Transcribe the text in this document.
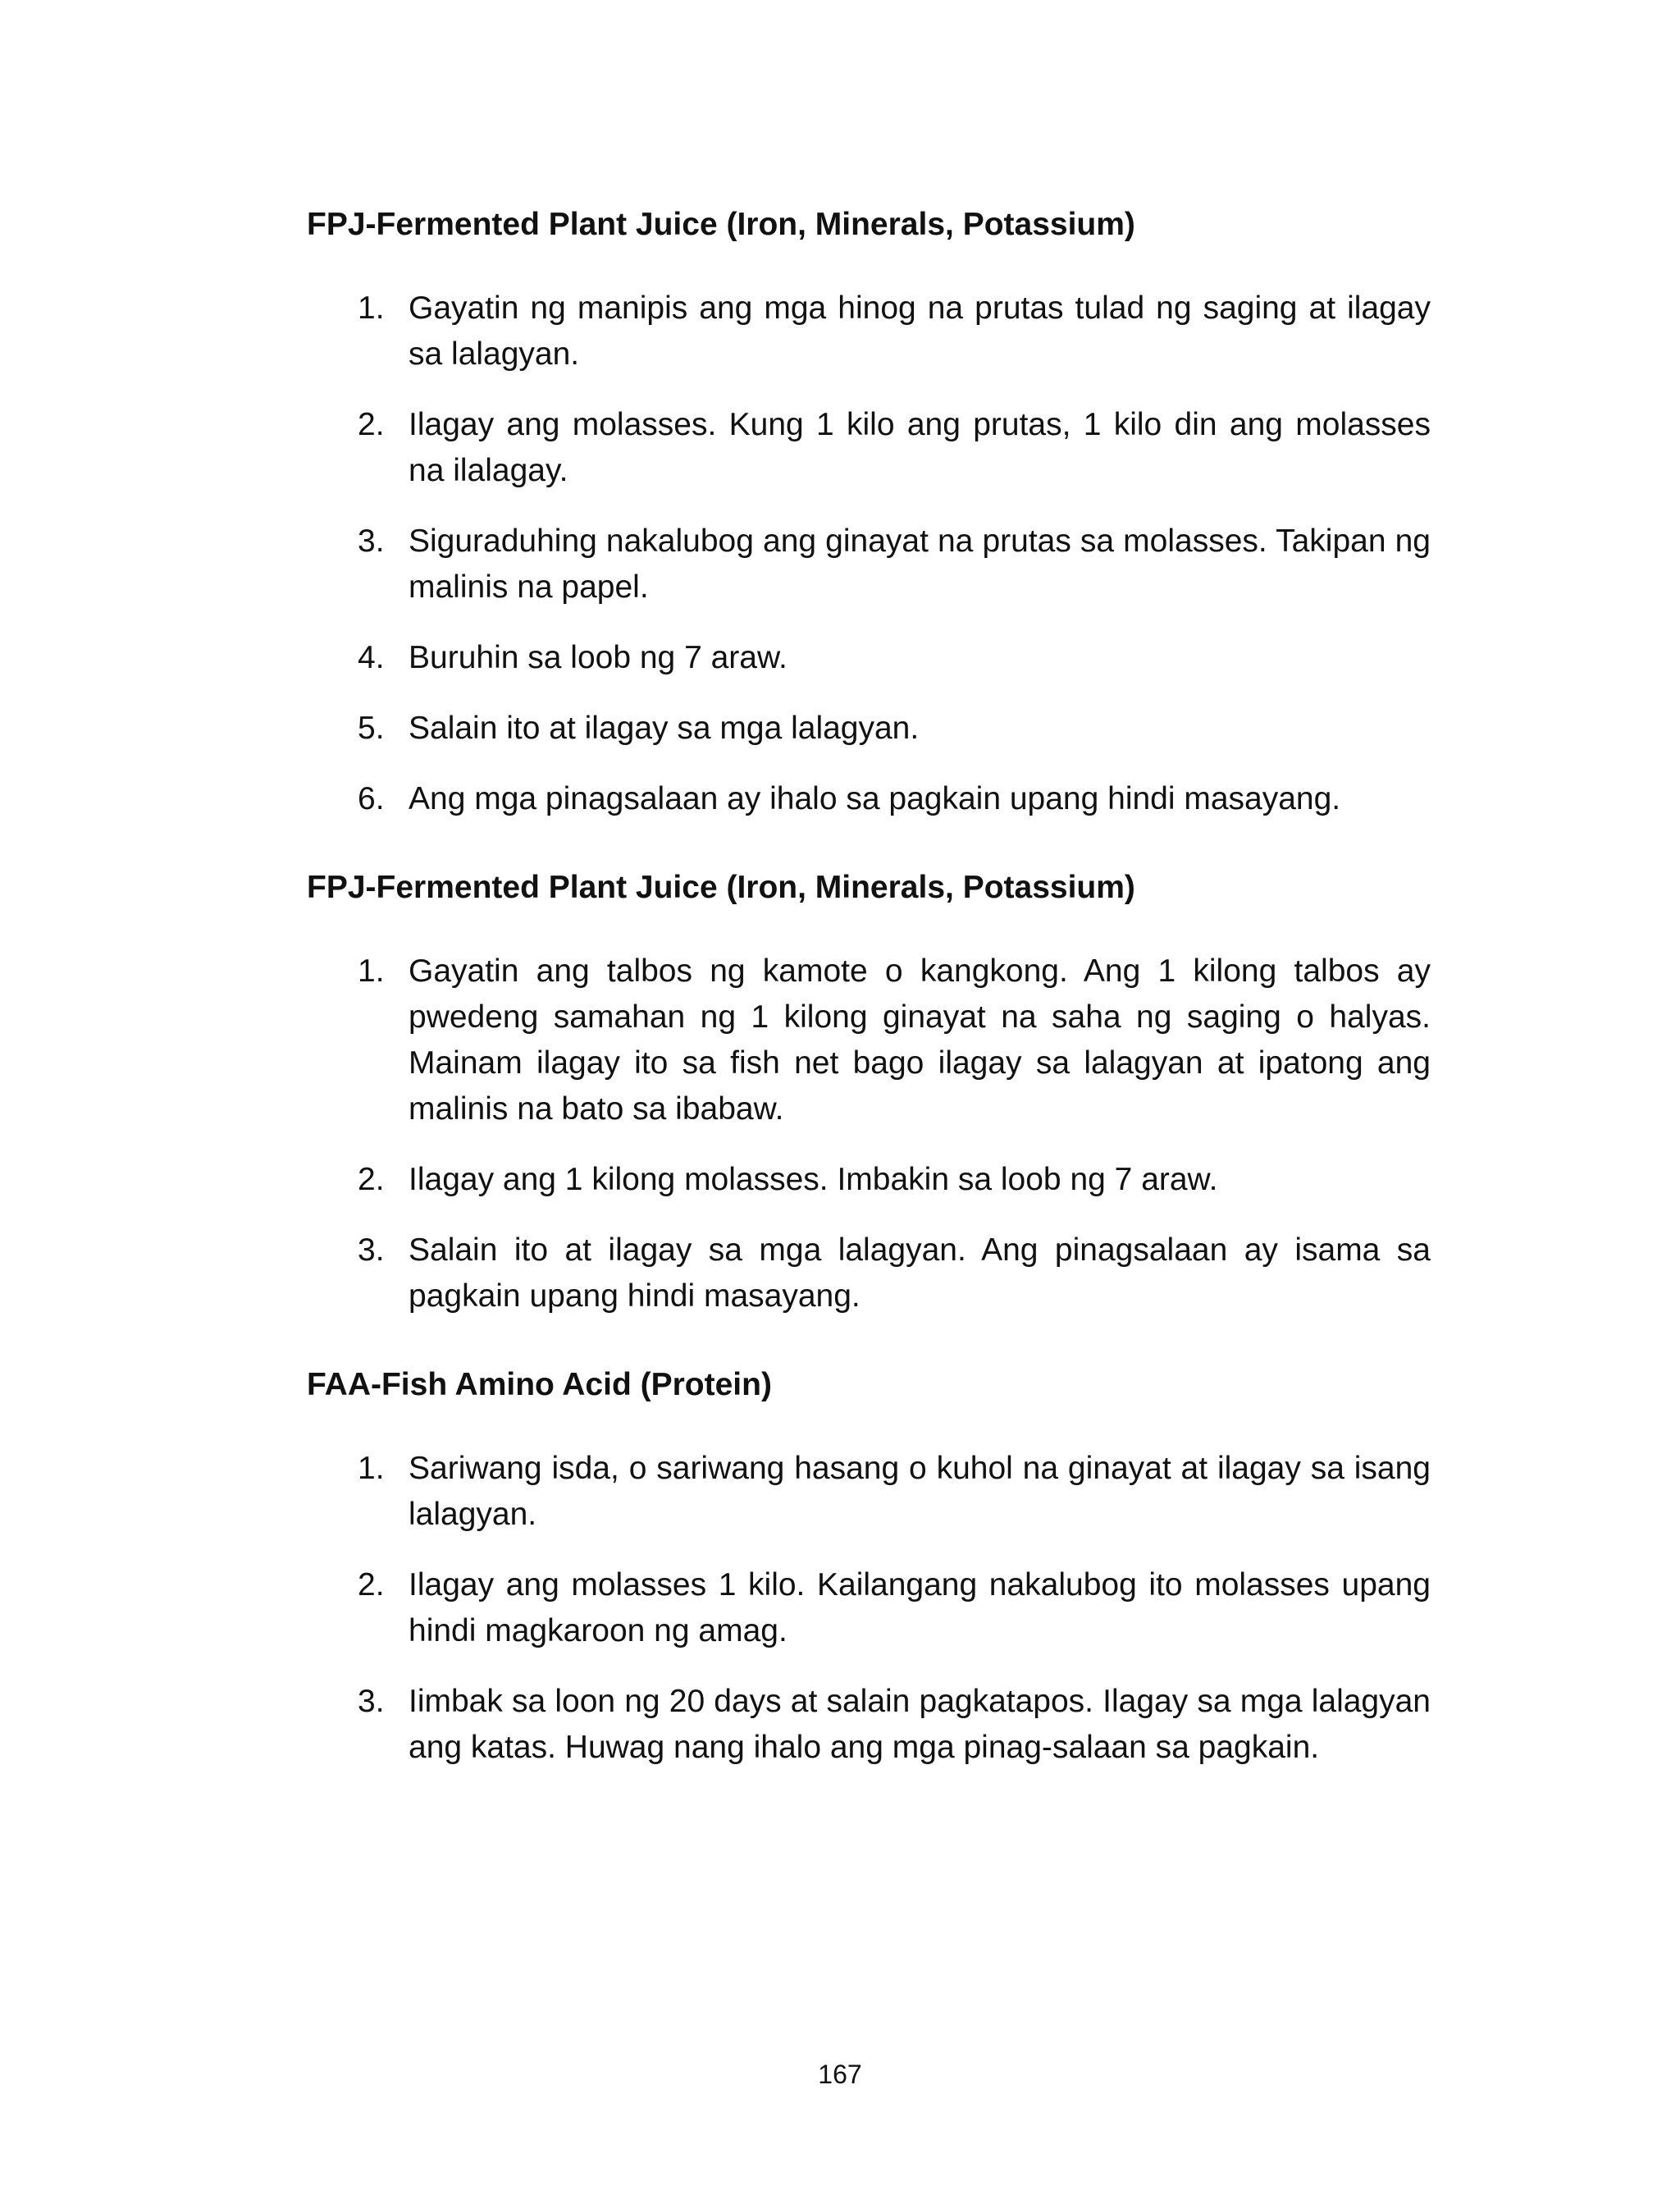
FPJ-Fermented Plant Juice (Iron, Minerals, Potassium)
1. Gayatin ng manipis ang mga hinog na prutas tulad ng saging at ilagay sa lalagyan.
2. Ilagay ang molasses. Kung 1 kilo ang prutas, 1 kilo din ang molasses na ilalagay.
3. Siguraduhing nakalubog ang ginayat na prutas sa molasses. Takipan ng malinis na papel.
4. Buruhin sa loob ng 7 araw.
5. Salain ito at ilagay sa mga lalagyan.
6. Ang mga pinagsalaan ay ihalo sa pagkain upang hindi masayang.
FPJ-Fermented Plant Juice (Iron, Minerals, Potassium)
1. Gayatin ang talbos ng kamote o kangkong. Ang 1 kilong talbos ay pwedeng samahan ng 1 kilong ginayat na saha ng saging o halyas. Mainam ilagay ito sa fish net bago ilagay sa lalagyan at ipatong ang malinis na bato sa ibabaw.
2. Ilagay ang 1 kilong molasses. Imbakin sa loob ng 7 araw.
3. Salain ito at ilagay sa mga lalagyan. Ang pinagsalaan ay isama sa pagkain upang hindi masayang.
FAA-Fish Amino Acid (Protein)
1. Sariwang isda, o sariwang hasang o kuhol na ginayat at ilagay sa isang lalagyan.
2. Ilagay ang molasses 1 kilo. Kailangang nakalubog ito molasses upang hindi magkaroon ng amag.
3. Iimbak sa loon ng 20 days at salain pagkatapos. Ilagay sa mga lalagyan ang katas. Huwag nang ihalo ang mga pinag-salaan sa pagkain.
167
